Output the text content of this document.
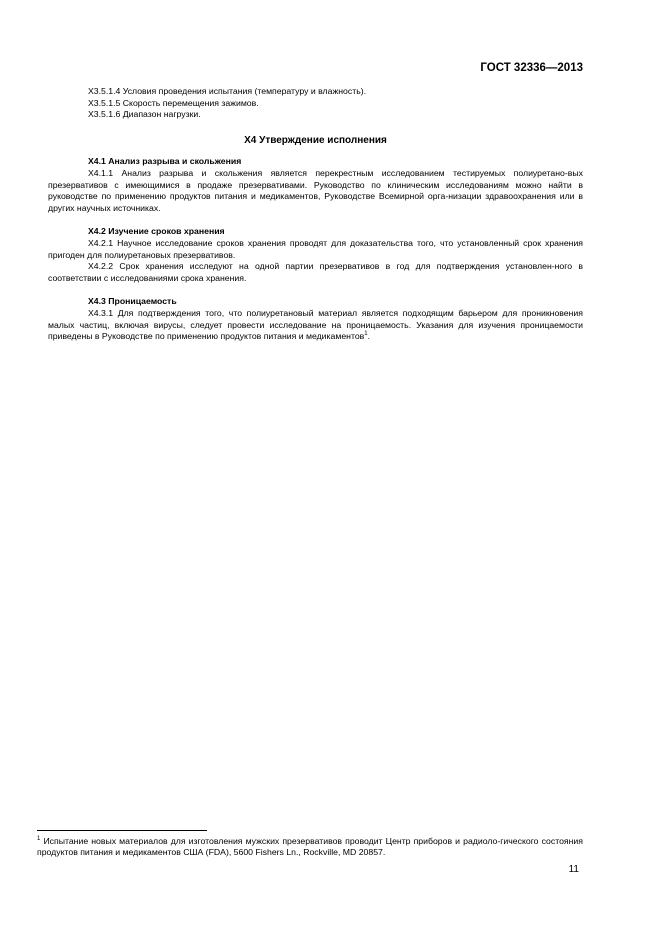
ГОСТ 32336—2013

X3.5.1.4 Условия проведения испытания (температуру и влажность).

X3.5.1.5 Скорость перемещения зажимов.

X3.5.1.6 Диапазон нагрузки.

X4 Утверждение исполнения

X4.1 Анализ разрыва и скольжения

X4.1.1 Анализ разрыва и скольжения является перекрестным исследованием тестируемых полиуретано-вых презервативов с имеющимися в продаже презервативами. Руководство по клиническим исследованиям можно найти в руководстве по применению продуктов питания и медикаментов, Руководстве Всемирной орга-низации здравоохранения или в других научных источниках.

X4.2 Изучение сроков хранения

X4.2.1 Научное исследование сроков хранения проводят для доказательства того, что установленный срок хранения пригоден для полиуретановых презервативов.

X4.2.2 Срок хранения исследуют на одной партии презервативов в год для подтверждения установлен-ного в соответствии с исследованиями срока хранения.

X4.3 Проницаемость

X4.3.1 Для подтверждения того, что полиуретановый материал является подходящим барьером для проникновения малых частиц, включая вирусы, следует провести исследование на проницаемость. Указания для изучения проницаемости приведены в Руководстве по применению продуктов питания и медикаментов$^1$.

$^1$ Испытание новых материалов для изготовления мужских презервативов проводит Центр приборов и радиоло-гического состояния продуктов питания и медикаментов США (FDA), 5600 Fishers Ln., Rockville, MD 20857.
11
